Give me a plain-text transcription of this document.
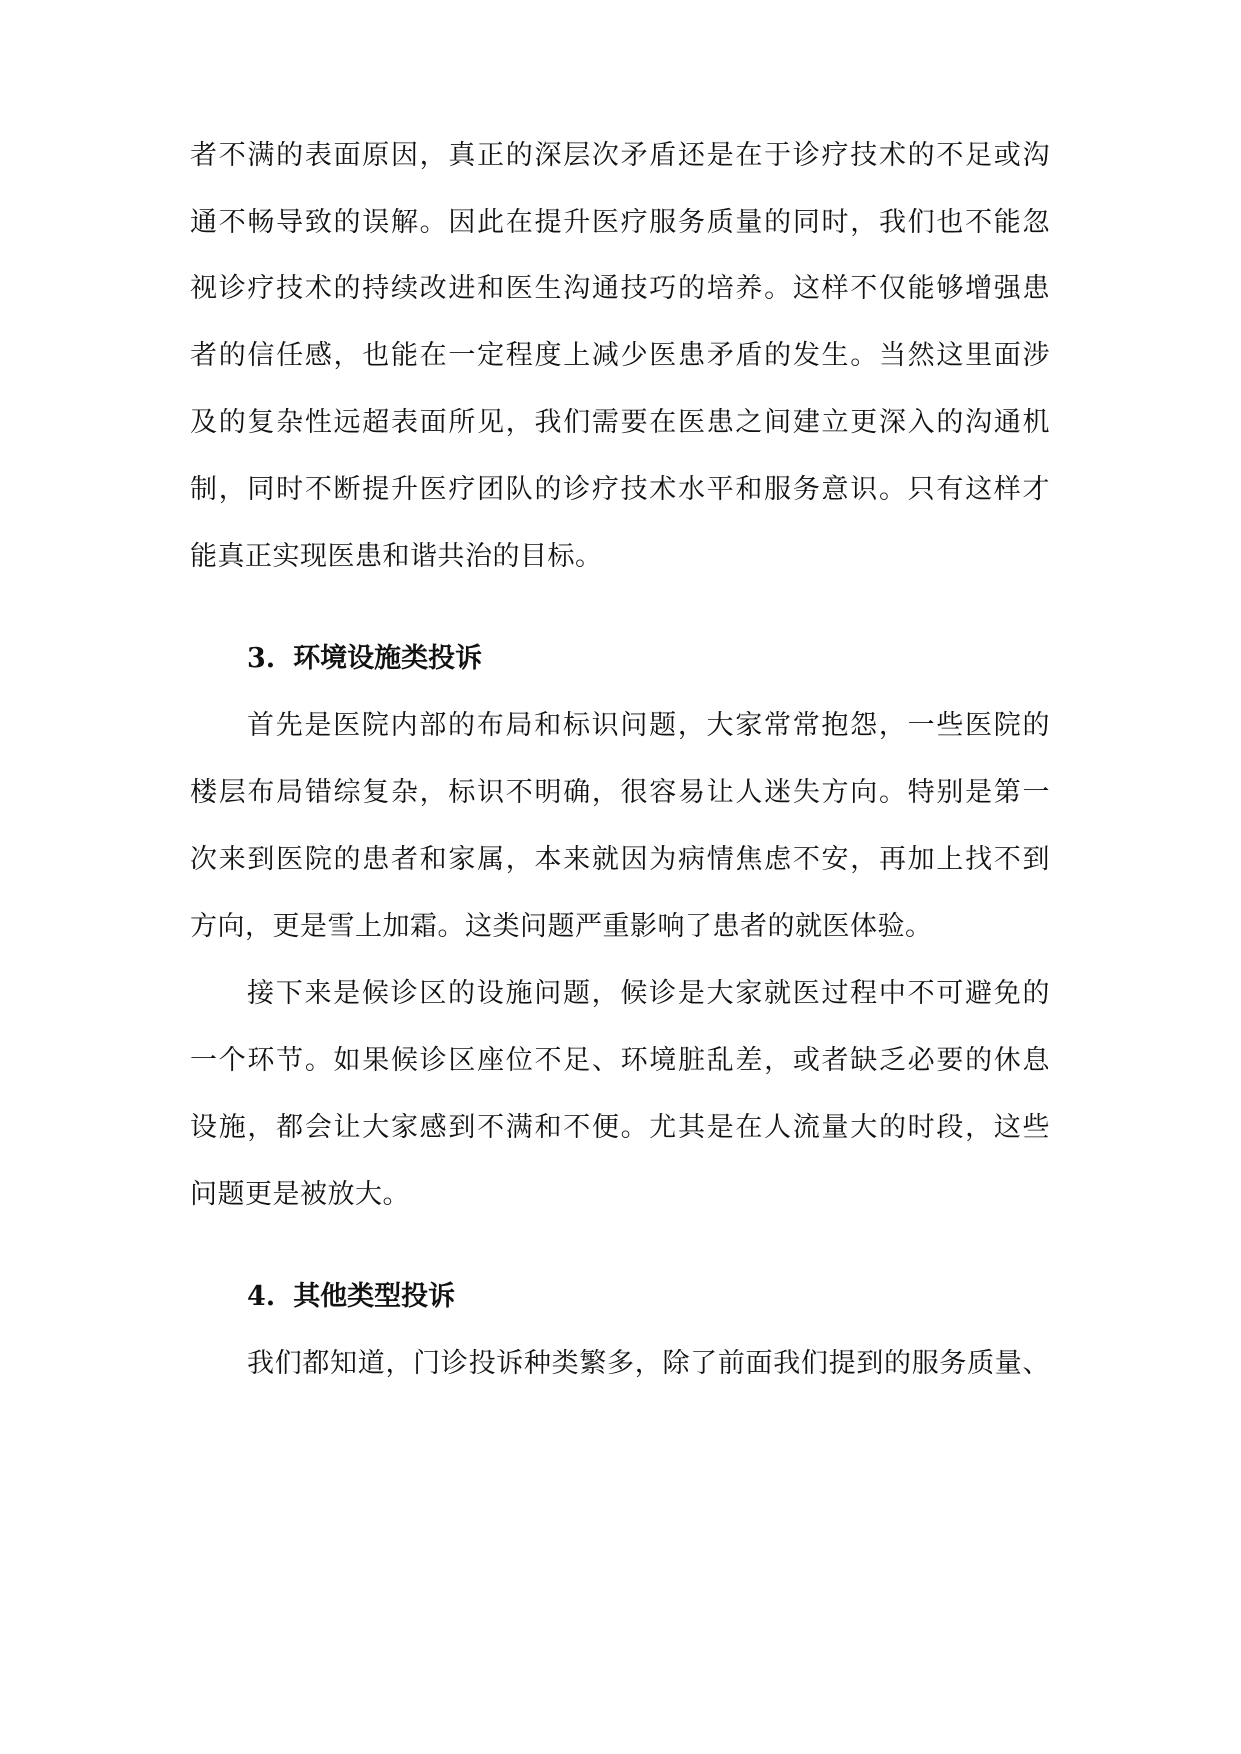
者不满的表面原因，真正的深层次矛盾还是在于诊疗技术的不足或沟
通不畅导致的误解。因此在提升医疗服务质量的同时，我们也不能忽
视诊疗技术的持续改进和医生沟通技巧的培养。这样不仅能够增强患
者的信任感，也能在一定程度上减少医患矛盾的发生。当然这里面涉
及的复杂性远超表面所见，我们需要在医患之间建立更深入的沟通机
制，同时不断提升医疗团队的诊疗技术水平和服务意识。只有这样才
能真正实现医患和谐共治的目标。
3. 环境设施类投诉
首先是医院内部的布局和标识问题，大家常常抱怨，一些医院的
楼层布局错综复杂，标识不明确，很容易让人迷失方向。特别是第一
次来到医院的患者和家属，本来就因为病情焦虑不安，再加上找不到
方向，更是雪上加霜。这类问题严重影响了患者的就医体验。
接下来是候诊区的设施问题，候诊是大家就医过程中不可避免的
一个环节。如果候诊区座位不足、环境脏乱差，或者缺乏必要的休息
设施，都会让大家感到不满和不便。尤其是在人流量大的时段，这些
问题更是被放大。
4. 其他类型投诉
我们都知道，门诊投诉种类繁多，除了前面我们提到的服务质量、
